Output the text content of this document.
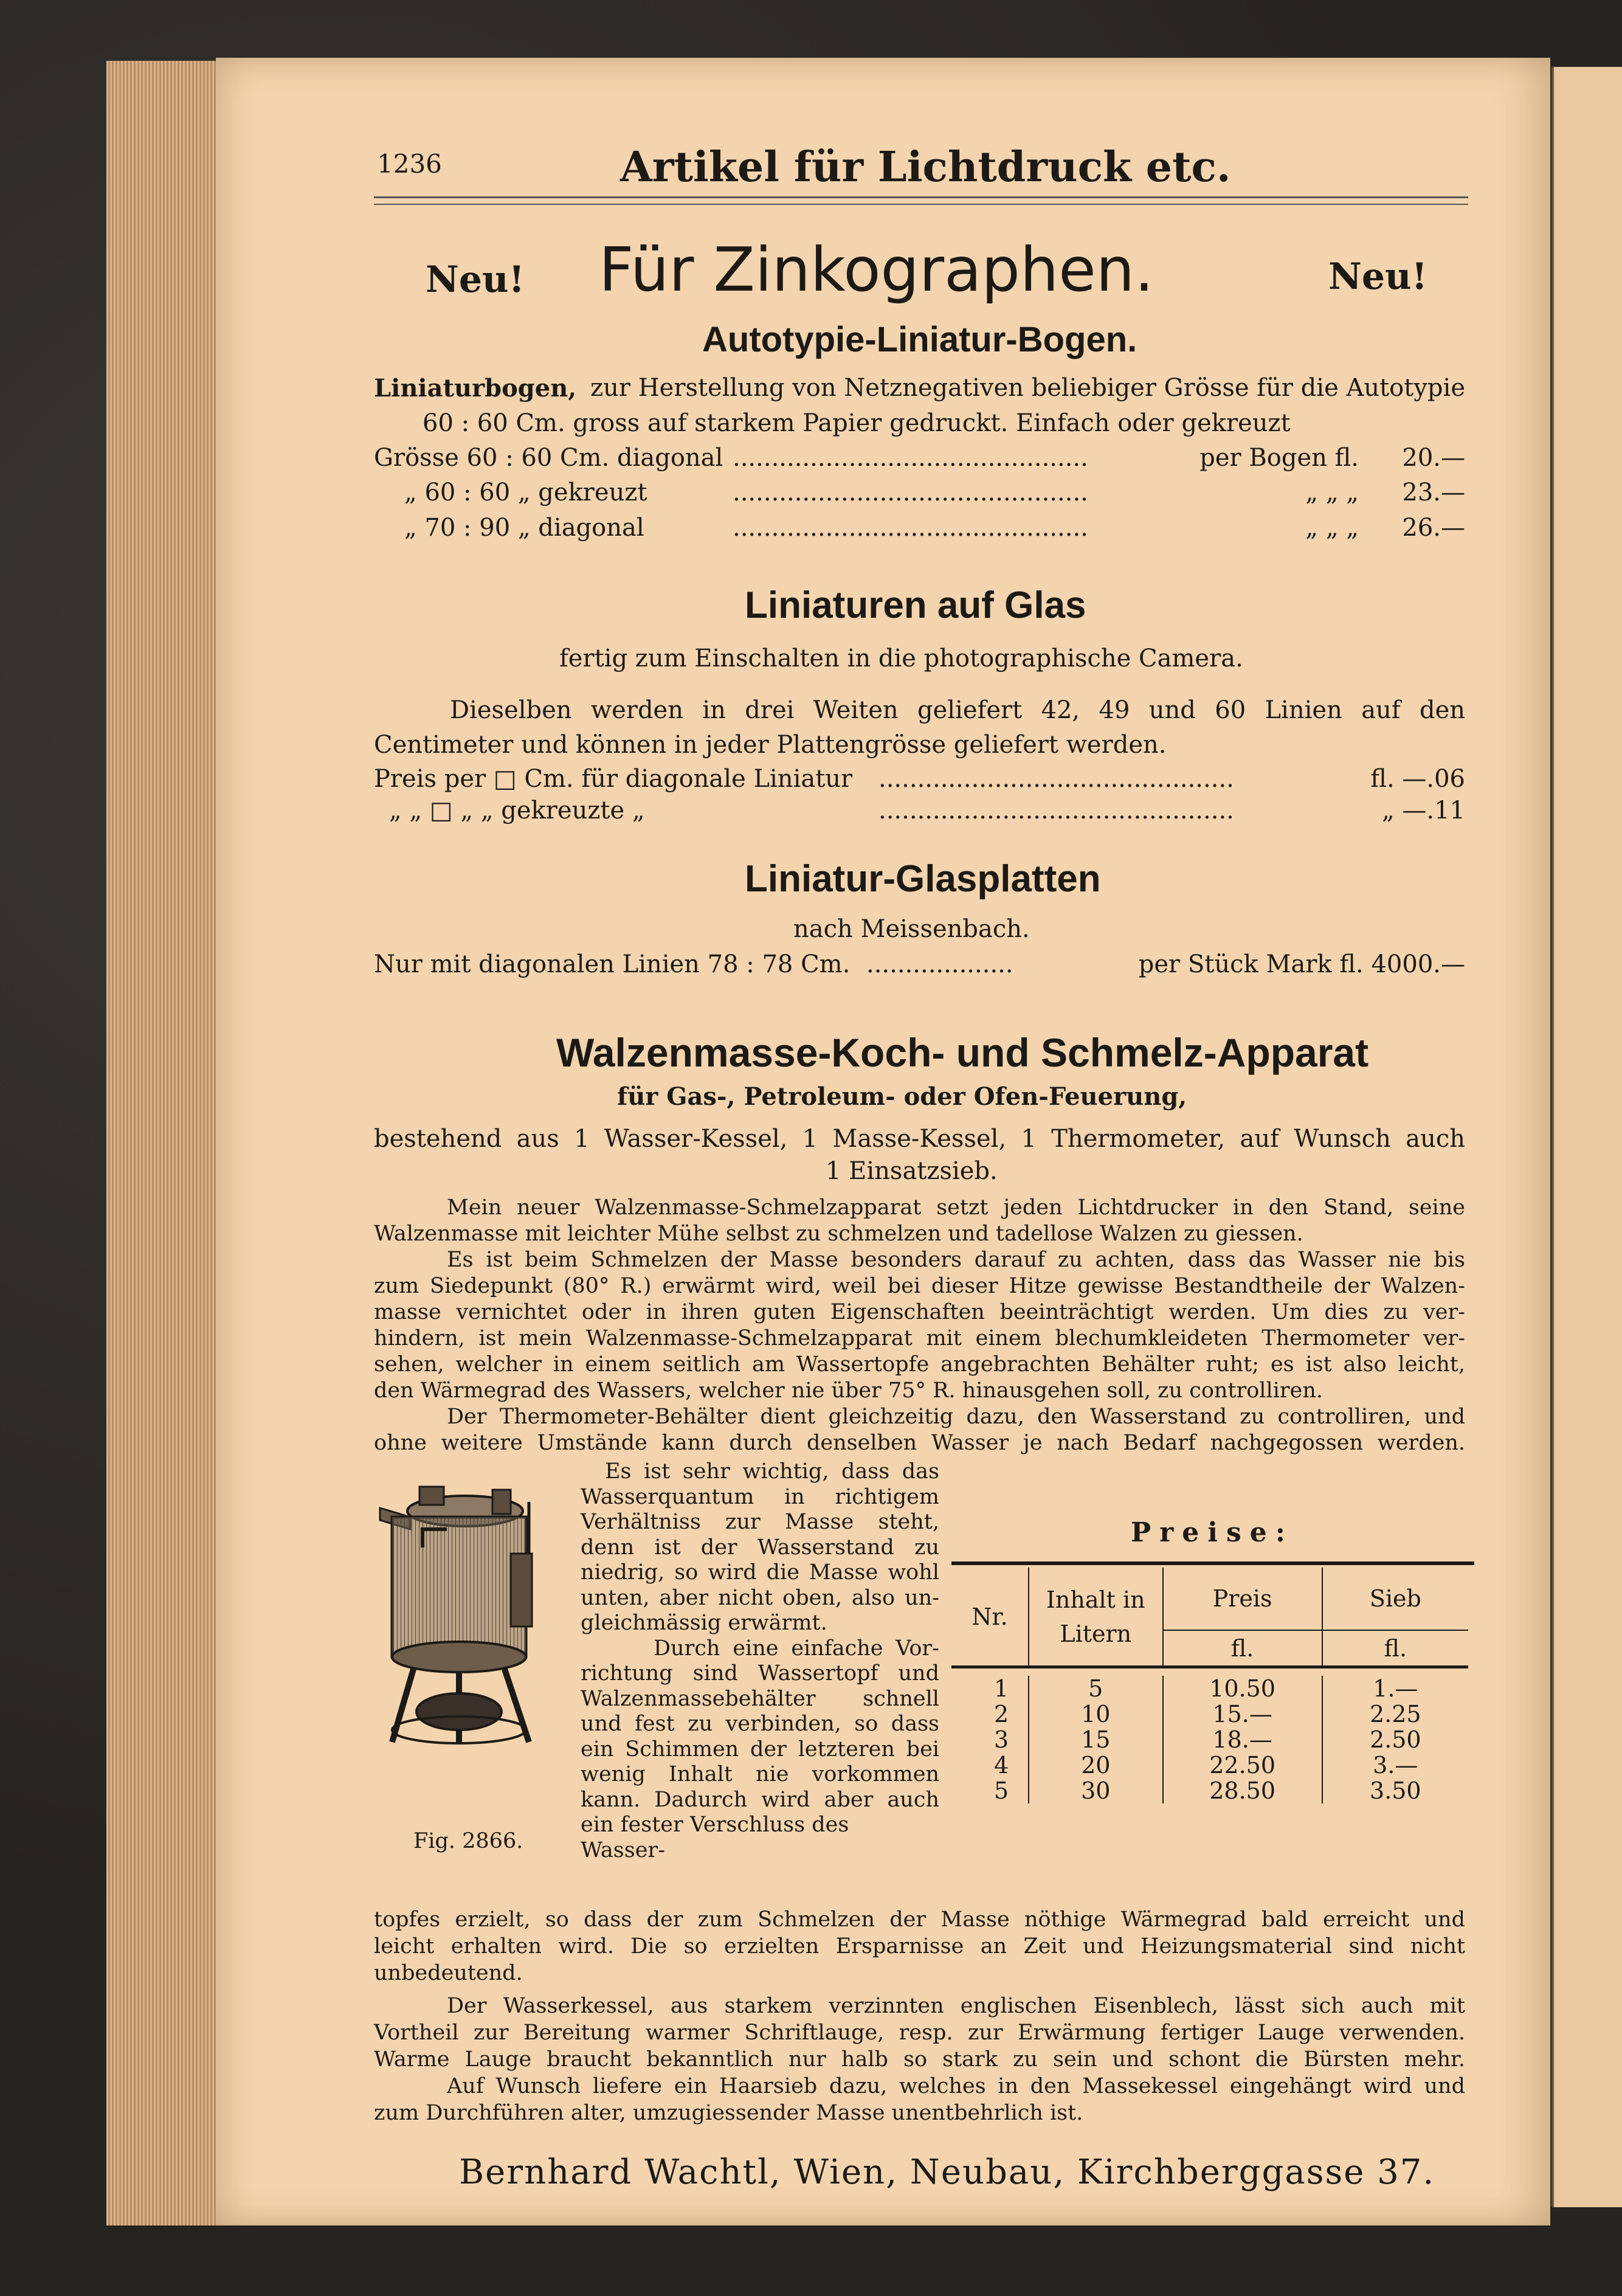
1236	Artikel für Lichtdruck etc.
Neu! Für Zinkographen.	Neu!
Autotypie-Liniatur-Bogen.
Liniaturbogen, zur Herstellung von Netznegativen beliebiger Grösse für die Autotypie
60 : 60 Cm. gross auf starkem Papier gedruckt. Einfach oder gekreuzt
Grösse 60 : 60 Cm. diagonal ..............................................	per Bogen fl.	20.—
„ 60 : 60 „ gekreuzt	..............................................	„ „ „	23.—
„ 70 : 90 „ diagonal	..............................................	„ „ „	26.—
Liniaturen auf Glas
fertig zum Einschalten in die photographische Camera.
Dieselben werden in drei Weiten geliefert 42, 49 und 60 Linien auf den
Centimeter und können in jeder Plattengrösse geliefert werden.
Preis per □ Cm. für diagonale Liniatur	..............................................	fl. —.06
„ „ □ „ „ gekreuzte „	..............................................	„ —.11
Liniatur-Glasplatten
nach Meissenbach.
Nur mit diagonalen Linien 78 : 78 Cm. ...................	per Stück Mark fl. 4000.—
Walzenmasse-Koch- und Schmelz-Apparat
für Gas-, Petroleum- oder Ofen-Feuerung,
bestehend aus 1 Wasser-Kessel, 1 Masse-Kessel, 1 Thermometer, auf Wunsch auch
1 Einsatzsieb.
Mein neuer Walzenmasse-Schmelzapparat setzt jeden Lichtdrucker in den Stand, seine
Walzenmasse mit leichter Mühe selbst zu schmelzen und tadellose Walzen zu giessen.
Es ist beim Schmelzen der Masse besonders darauf zu achten, dass das Wasser nie bis
zum Siedepunkt (80° R.) erwärmt wird, weil bei dieser Hitze gewisse Bestandtheile der Walzen-
masse vernichtet oder in ihren guten Eigenschaften beeinträchtigt werden. Um dies zu ver-
hindern, ist mein Walzenmasse-Schmelzapparat mit einem blechumkleideten Thermometer ver-
sehen, welcher in einem seitlich am Wassertopfe angebrachten Behälter ruht; es ist also leicht,
den Wärmegrad des Wassers, welcher nie über 75° R. hinausgehen soll, zu controlliren.
Der Thermometer-Behälter dient gleichzeitig dazu, den Wasserstand zu controlliren, und
ohne weitere Umstände kann durch denselben Wasser je nach Bedarf nachgegossen werden.
Fig. 2866.
Es ist sehr wichtig, dass das
Wasserquantum in richtigem
Verhältniss zur Masse steht,
denn ist der Wasserstand zu
niedrig, so wird die Masse wohl
unten, aber nicht oben, also un-
gleichmässig erwärmt.
Durch eine einfache Vor-
richtung sind Wassertopf und
Walzenmassebehälter schnell
und fest zu verbinden, so dass
ein Schimmen der letzteren bei
wenig Inhalt nie vorkommen
kann. Dadurch wird aber auch
ein fester Verschluss des Wasser-
Preise:
Nr.	Inhalt in Litern	Preis	Sieb
		fl.	fl.

1	5	10.50	1.—
2	10	15.—	2.25
3	15	18.—	2.50
4	20	22.50	3.—
5	30	28.50	3.50
topfes erzielt, so dass der zum Schmelzen der Masse nöthige Wärmegrad bald erreicht und
leicht erhalten wird. Die so erzielten Ersparnisse an Zeit und Heizungsmaterial sind nicht
unbedeutend.
Der Wasserkessel, aus starkem verzinnten englischen Eisenblech, lässt sich auch mit
Vortheil zur Bereitung warmer Schriftlauge, resp. zur Erwärmung fertiger Lauge verwenden.
Warme Lauge braucht bekanntlich nur halb so stark zu sein und schont die Bürsten mehr.
Auf Wunsch liefere ein Haarsieb dazu, welches in den Massekessel eingehängt wird und
zum Durchführen alter, umzugiessender Masse unentbehrlich ist.
Bernhard Wachtl, Wien, Neubau, Kirchberggasse 37.
